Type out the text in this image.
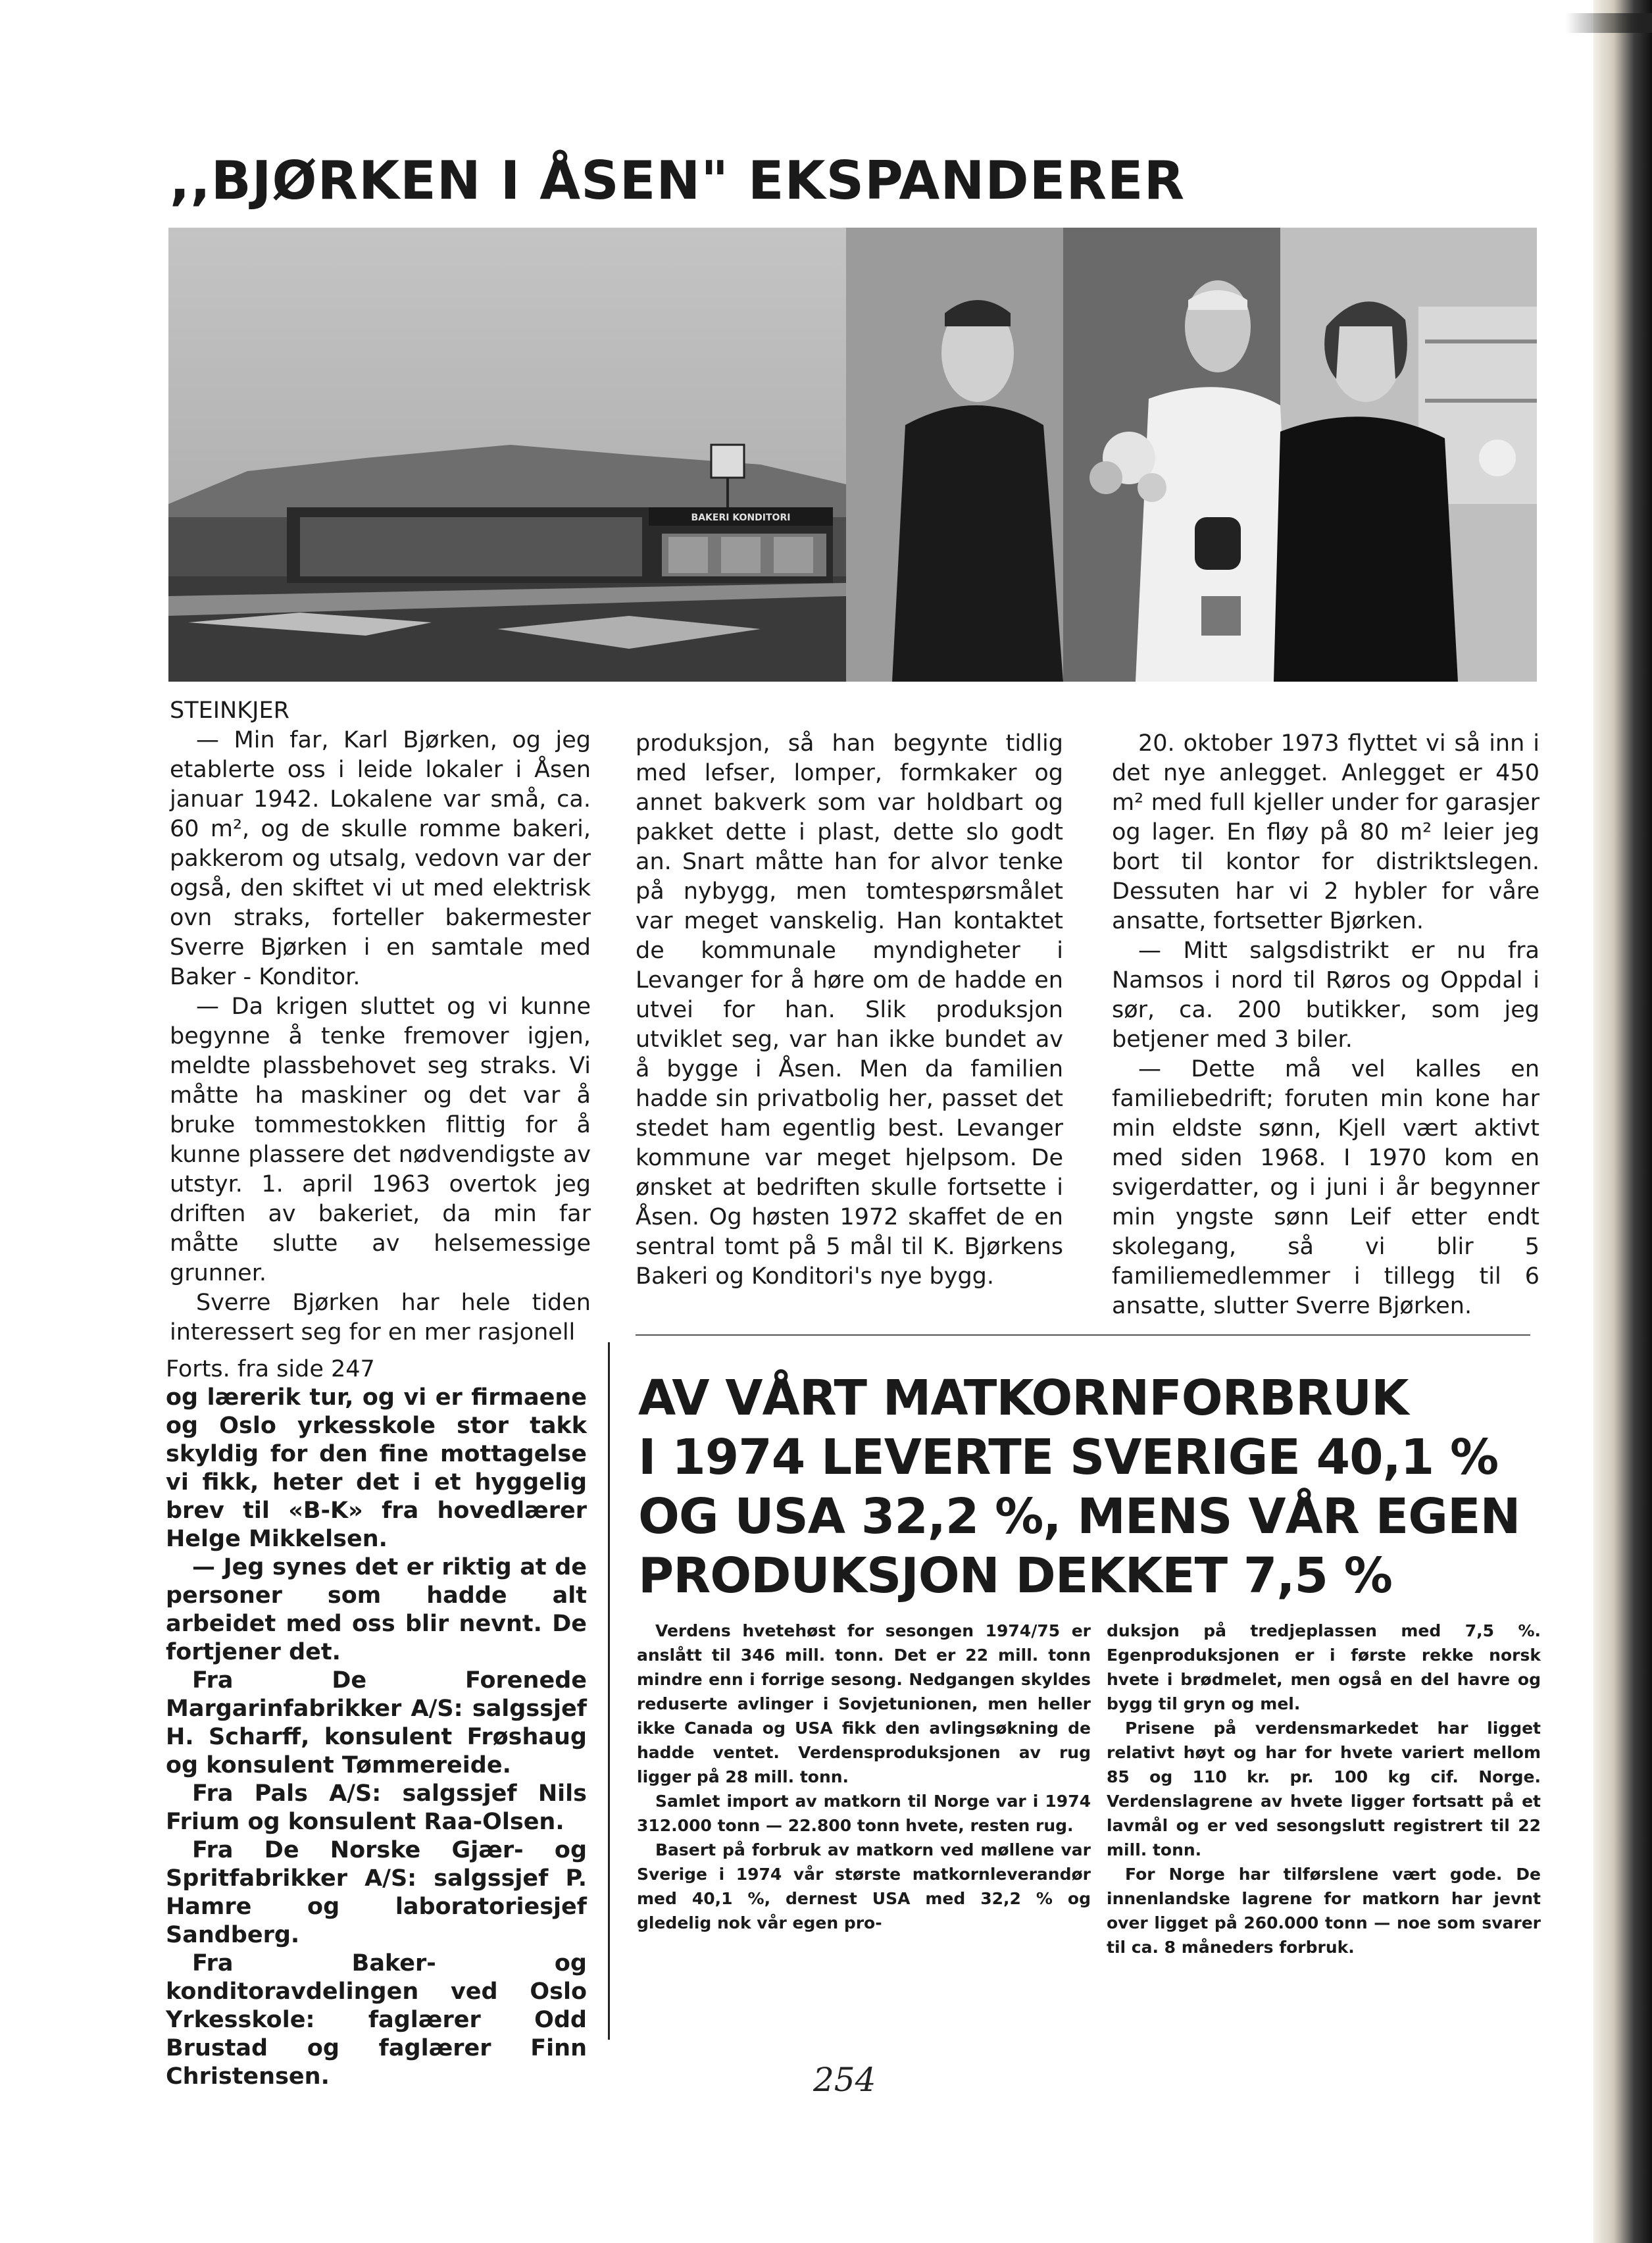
,,BJØRKEN I ÅSEN" EKSPANDERER
BAKERI KONDITORI

STEINKJER

— Min far, Karl Bjørken, og jeg etablerte oss i leide lokaler i Åsen januar 1942. Lokalene var små, ca. 60 m², og de skulle romme bakeri, pakkerom og utsalg, vedovn var der også, den skiftet vi ut med elektrisk ovn straks, forteller bakermester Sverre Bjørken i en samtale med Baker - Konditor.

— Da krigen sluttet og vi kunne begynne å tenke fremover igjen, meldte plassbehovet seg straks. Vi måtte ha maskiner og det var å bruke tommestokken flittig for å kunne plassere det nødvendigste av utstyr. 1. april 1963 overtok jeg driften av bakeriet, da min far måtte slutte av helsemessige grunner.

Sverre Bjørken har hele tiden interessert seg for en mer rasjonell

produksjon, så han begynte tidlig med lefser, lomper, formkaker og annet bakverk som var holdbart og pakket dette i plast, dette slo godt an. Snart måtte han for alvor tenke på nybygg, men tomtespørsmålet var meget vanskelig. Han kontaktet de kommunale myndigheter i Levanger for å høre om de hadde en utvei for han. Slik produksjon utviklet seg, var han ikke bundet av å bygge i Åsen. Men da familien hadde sin privatbolig her, passet det stedet ham egentlig best. Levanger kommune var meget hjelpsom. De ønsket at bedriften skulle fortsette i Åsen. Og høsten 1972 skaffet de en sentral tomt på 5 mål til K. Bjørkens Bakeri og Konditori's nye bygg.

20. oktober 1973 flyttet vi så inn i det nye anlegget. Anlegget er 450 m² med full kjeller under for garasjer og lager. En fløy på 80 m² leier jeg bort til kontor for distriktslegen. Dessuten har vi 2 hybler for våre ansatte, fortsetter Bjørken.

— Mitt salgsdistrikt er nu fra Namsos i nord til Røros og Oppdal i sør, ca. 200 butikker, som jeg betjener med 3 biler.

— Dette må vel kalles en familiebedrift; foruten min kone har min eldste sønn, Kjell vært aktivt med siden 1968. I 1970 kom en svigerdatter, og i juni i år begynner min yngste sønn Leif etter endt skolegang, så vi blir 5 familiemedlemmer i tillegg til 6 ansatte, slutter Sverre Bjørken.

Forts. fra side 247

og lærerik tur, og vi er firmaene og Oslo yrkesskole stor takk skyldig for den fine mottagelse vi fikk, heter det i et hyggelig brev til «B-K» fra hovedlærer Helge Mikkelsen.

— Jeg synes det er riktig at de personer som hadde alt arbeidet med oss blir nevnt. De fortjener det.

Fra De Forenede Margarinfabrikker A/S: salgssjef H. Scharff, konsulent Frøshaug og konsulent Tømmereide.

Fra Pals A/S: salgssjef Nils Frium og konsulent Raa-Olsen.

Fra De Norske Gjær- og Spritfabrikker A/S: salgssjef P. Hamre og laboratoriesjef Sandberg.

Fra Baker- og konditoravdelingen ved Oslo Yrkesskole: faglærer Odd Brustad og faglærer Finn Christensen.

AV VÅRT MATKORNFORBRUK
I 1974 LEVERTE SVERIGE 40,1 %
OG USA 32,2 %, MENS VÅR EGEN
PRODUKSJON DEKKET 7,5 %

Verdens hvetehøst for sesongen 1974/75 er anslått til 346 mill. tonn. Det er 22 mill. tonn mindre enn i forrige sesong. Nedgangen skyldes reduserte avlinger i Sovjetunionen, men heller ikke Canada og USA fikk den avlingsøkning de hadde ventet. Verdensproduksjonen av rug ligger på 28 mill. tonn.

Samlet import av matkorn til Norge var i 1974 312.000 tonn — 22.800 tonn hvete, resten rug.

Basert på forbruk av matkorn ved møllene var Sverige i 1974 vår største matkornleverandør med 40,1 %, dernest USA med 32,2 % og gledelig nok vår egen pro-

duksjon på tredjeplassen med 7,5 %. Egenproduksjonen er i første rekke norsk hvete i brødmelet, men også en del havre og bygg til gryn og mel.

Prisene på verdensmarkedet har ligget relativt høyt og har for hvete variert mellom 85 og 110 kr. pr. 100 kg cif. Norge. Verdenslagrene av hvete ligger fortsatt på et lavmål og er ved sesongslutt registrert til 22 mill. tonn.

For Norge har tilførslene vært gode. De innenlandske lagrene for matkorn har jevnt over ligget på 260.000 tonn — noe som svarer til ca. 8 måneders forbruk.

254
